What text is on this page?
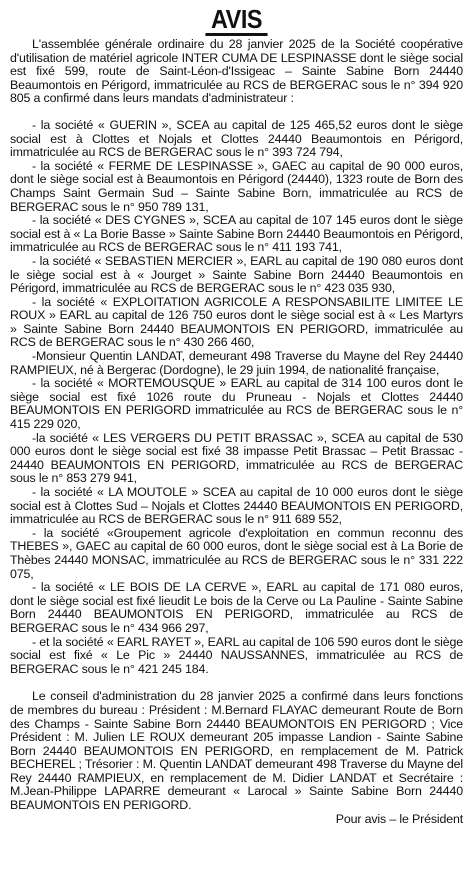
AVIS

L'assemblée générale ordinaire du 28 janvier 2025 de la Société coopérative d'utilisation de matériel agricole INTER CUMA DE LESPINASSE dont le siège social est fixé 599, route de Saint-Léon-d'Issigeac – Sainte Sabine Born 24440 Beaumontois en Périgord, immatriculée au RCS de BERGERAC sous le n° 394 920 805 a confirmé dans leurs mandats d'administrateur :

- la société « GUERIN », SCEA au capital de 125 465,52 euros dont le siège social est à Clottes et Nojals et Clottes 24440 Beaumontois en Périgord, immatriculée au RCS de BERGERAC sous le n° 393 724 794,

- la société « FERME DE LESPINASSE », GAEC au capital de 90 000 euros, dont le siège social est à Beaumontois en Périgord (24440), 1323 route de Born des Champs Saint Germain Sud – Sainte Sabine Born, immatriculée au RCS de BERGERAC sous le n° 950 789 131,

- la société « DES CYGNES », SCEA au capital de 107 145 euros dont le siège social est à « La Borie Basse » Sainte Sabine Born 24440 Beaumontois en Périgord, immatriculée au RCS de BERGERAC sous le n° 411 193 741,

- la société « SEBASTIEN MERCIER », EARL au capital de 190 080 euros dont le siège social est à « Jourget » Sainte Sabine Born 24440 Beaumontois en Périgord, immatriculée au RCS de BERGERAC sous le n° 423 035 930,

- la société « EXPLOITATION AGRICOLE A RESPONSABILITE LIMITEE LE ROUX » EARL au capital de 126 750 euros dont le siège social est à « Les Martyrs » Sainte Sabine Born 24440 BEAUMONTOIS EN PERIGORD, immatriculée au RCS de BERGERAC sous le n° 430 266 460,

-Monsieur Quentin LANDAT, demeurant 498 Traverse du Mayne del Rey 24440 RAMPIEUX, né à Bergerac (Dordogne), le 29 juin 1994, de nationalité française,

- la société « MORTEMOUSQUE » EARL au capital de 314 100 euros dont le siège social est fixé 1026 route du Pruneau - Nojals et Clottes 24440 BEAUMONTOIS EN PERIGORD immatriculée au RCS de BERGERAC sous le n° 415 229 020,

-la société « LES VERGERS DU PETIT BRASSAC », SCEA au capital de 530 000 euros dont le siège social est fixé 38 impasse Petit Brassac – Petit Brassac - 24440 BEAUMONTOIS EN PERIGORD, immatriculée au RCS de BERGERAC sous le n° 853 279 941,

- la société « LA MOUTOLE » SCEA au capital de 10 000 euros dont le siège social est à Clottes Sud – Nojals et Clottes 24440 BEAUMONTOIS EN PERIGORD, immatriculée au RCS de BERGERAC sous le n° 911 689 552,

- la société «Groupement agricole d'exploitation en commun reconnu des THEBES », GAEC au capital de 60 000 euros, dont le siège social est à La Borie de Thèbes 24440 MONSAC, immatriculée au RCS de BERGERAC sous le n° 331 222 075,

- la société « LE BOIS DE LA CERVE », EARL au capital de 171 080 euros, dont le siège social est fixé lieudit Le bois de la Cerve ou La Pauline - Sainte Sabine Born 24440 BEAUMONTOIS EN PERIGORD, immatriculée au RCS de BERGERAC sous le n° 434 966 297,

- et la société « EARL RAYET », EARL au capital de 106 590 euros dont le siège social est fixé « Le Pic » 24440 NAUSSANNES, immatriculée au RCS de BERGERAC sous le n° 421 245 184.

Le conseil d'administration du 28 janvier 2025 a confirmé dans leurs fonctions de membres du bureau : Président : M.Bernard FLAYAC demeurant Route de Born des Champs - Sainte Sabine Born 24440 BEAUMONTOIS EN PERIGORD ; Vice Président : M. Julien LE ROUX demeurant 205 impasse Landion - Sainte Sabine Born 24440 BEAUMONTOIS EN PERIGORD, en remplacement de M. Patrick BECHEREL ; Trésorier : M. Quentin LANDAT demeurant 498 Traverse du Mayne del Rey 24440 RAMPIEUX, en remplacement de M. Didier LANDAT et Secrétaire : M.Jean-Philippe LAPARRE demeurant « Larocal » Sainte Sabine Born 24440 BEAUMONTOIS EN PERIGORD.

Pour avis – le Président
